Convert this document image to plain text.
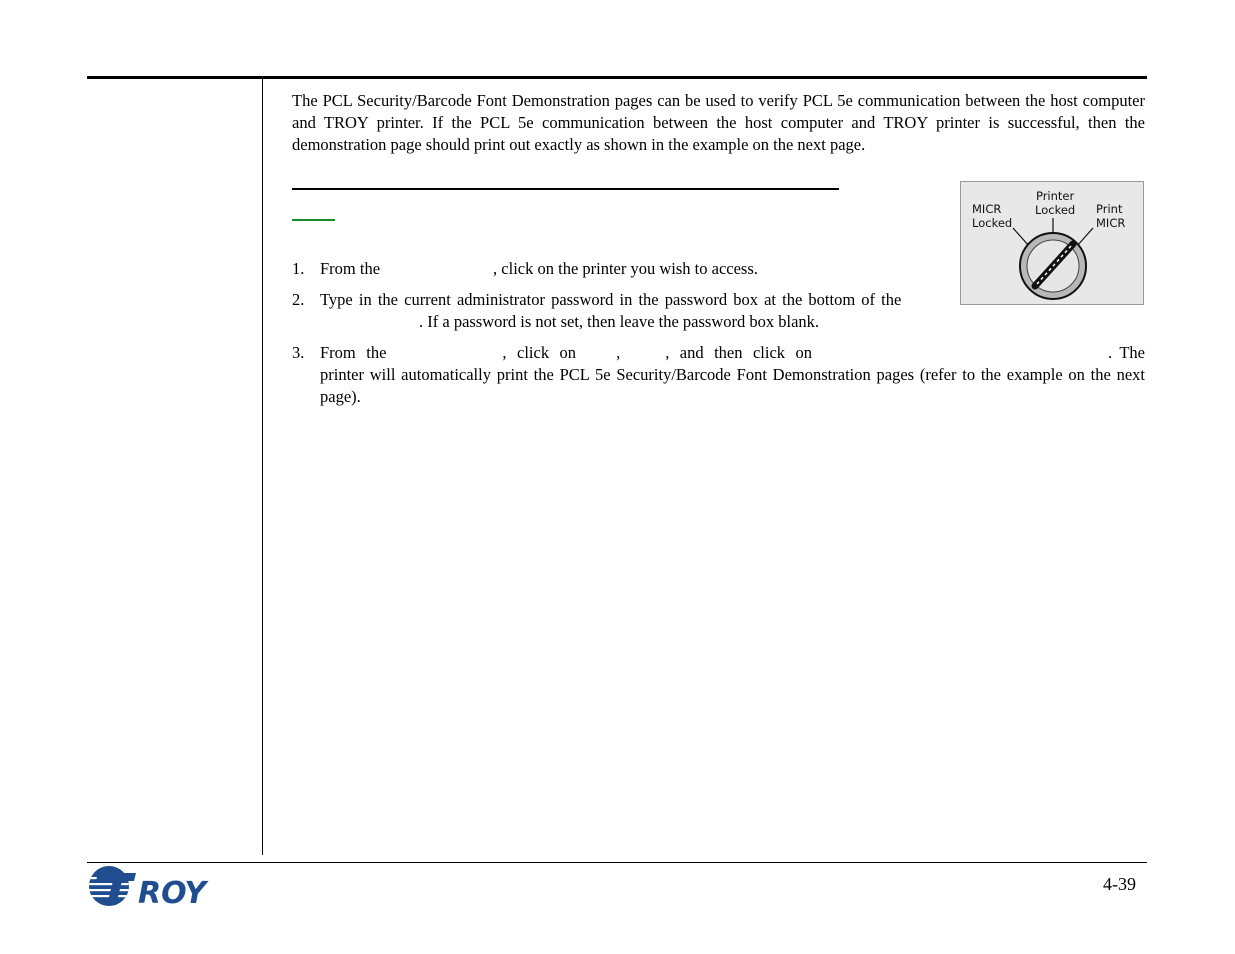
The PCL Security/Barcode Font Demonstration pages can be used to verify PCL 5e communication between the host computer and TROY printer. If the PCL 5e communication between the host computer and TROY printer is successful, then the demonstration page should print out exactly as shown in the example on the next page.

1. From the	, click on the printer you wish to access.
2. Type in the current administrator password in the password box at the bottom of the. If a password is not set, then leave the password box blank.
3. From the	, click on ,	, and then click on	. The printer will automatically print the PCL 5e Security/Barcode Font Demonstration pages (refer to the example on the next page).
MICR
Locked
Printer
Locked Print
MICR
ROY	4-39
